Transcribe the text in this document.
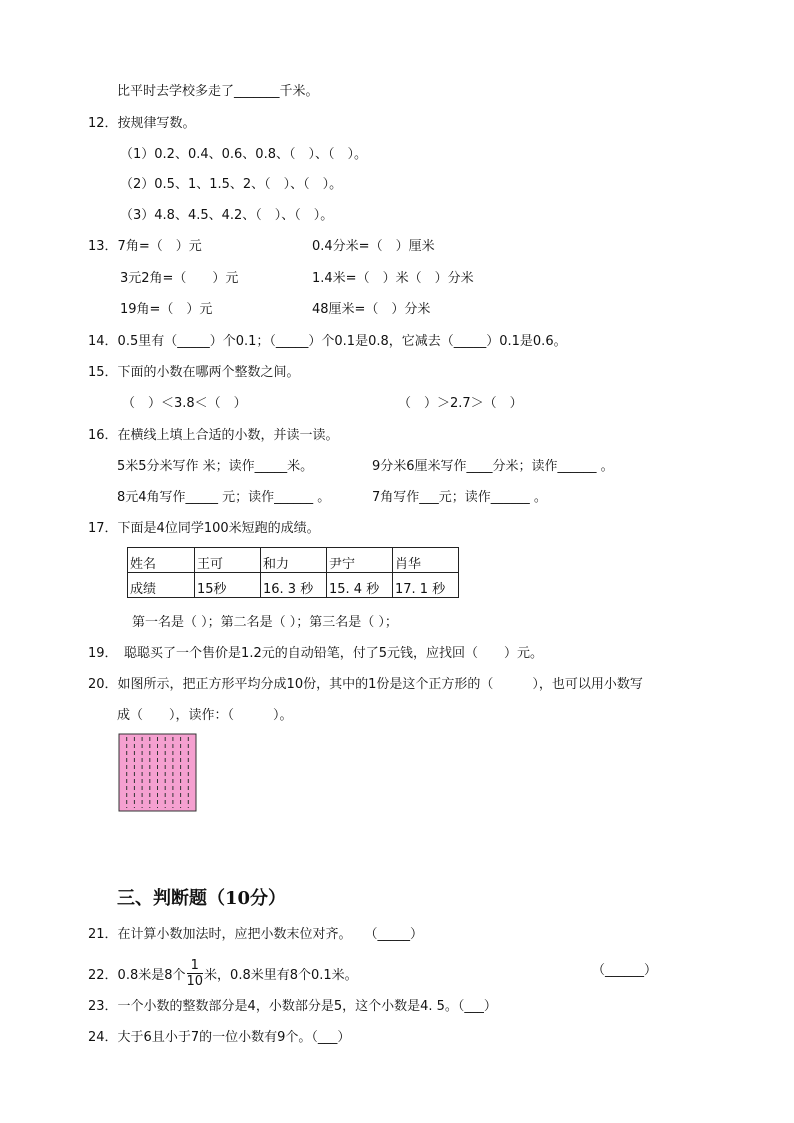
比平时去学校多走了_______千米。
12．按规律写数。
（1）0.2、0.4、0.6、0.8、（　）、（　）。
（2）0.5、1、1.5、2、（　）、（　）。
（3）4.8、4.5、4.2、（　）、（　）。
13．7角=（　）元	0.4分米=（　）厘米
3元2角=（　　）元	1.4米=（　）米（　）分米
19角=（　）元	48厘米=（　）分米
14．0.5里有（_____）个0.1；（_____）个0.1是0.8，它减去（_____）0.1是0.6。
15．下面的小数在哪两个整数之间。
（　）＜3.8＜（　）	（　）＞2.7＞（　）
16．在横线上填上合适的小数，并读一读。
5米5分米写作 米；读作_____米。	9分米6厘米写作____分米；读作______ 。
8元4角写作_____ 元；读作______ 。	7角写作___元；读作______ 。
17．下面是4位同学100米短跑的成绩。
姓名	王可	和力	尹宁	肖华
成绩	15秒	16. 3 秒	15. 4 秒	17. 1 秒
第一名是（ ）；第二名是（ ）；第三名是（ ）；
19．　聪聪买了一个售价是1.2元的自动铅笔，付了5元钱，应找回（　　）元。
20．如图所示，把正方形平均分成10份，其中的1份是这个正方形的（　　　），也可以用小数写
成（　　），读作：（　　　）。
三、判断题（10分）
21．在计算小数加法时，应把小数末位对齐。　　（_____）
22．0.8米是8个 $\frac{1}{10}$ 米，0.8米里有8个0.1米。	（______）
23．一个小数的整数部分是4，小数部分是5，这个小数是4. 5。（___）
24．大于6且小于7的一位小数有9个。（___）
